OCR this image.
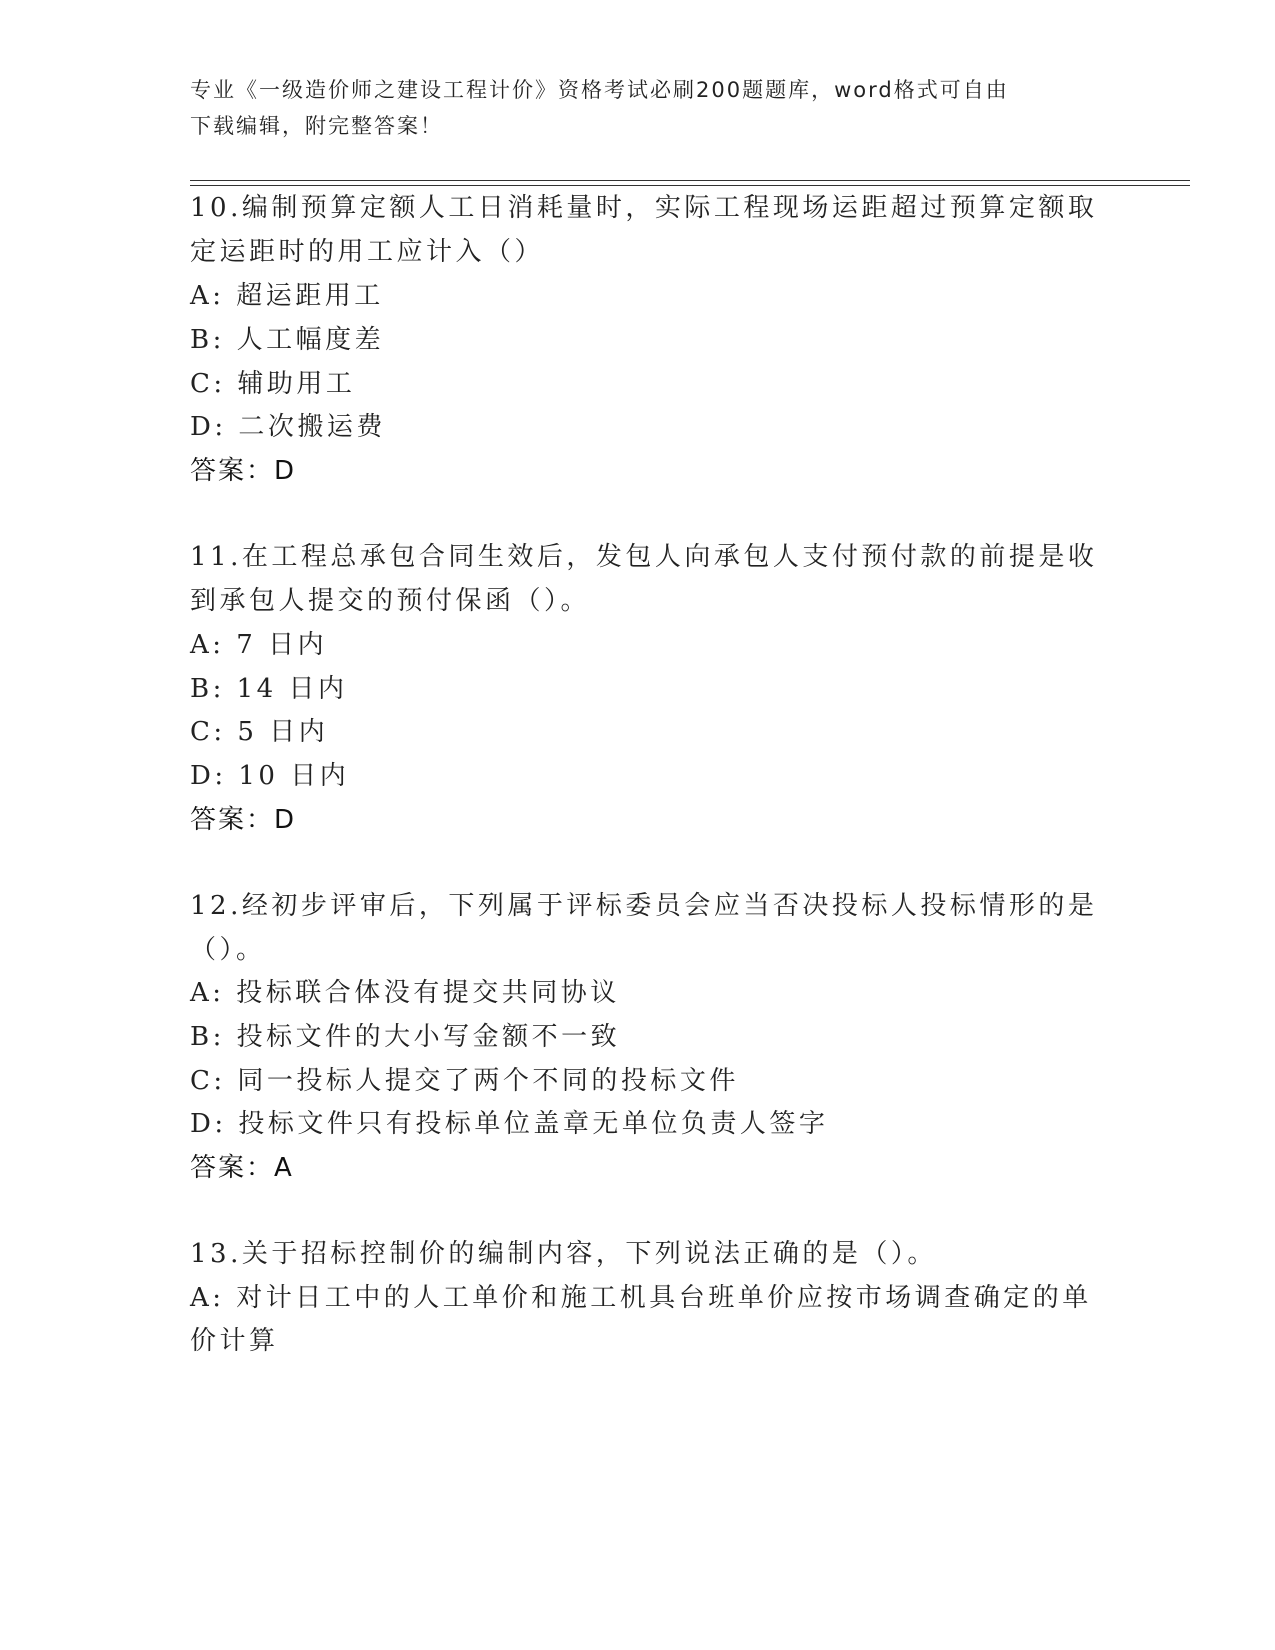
专业《一级造价师之建设工程计价》资格考试必刷200题题库，word格式可自由
下载编辑，附完整答案！
10.编制预算定额人工日消耗量时，实际工程现场运距超过预算定额取
定运距时的用工应计入（）
A: 超运距用工
B: 人工幅度差
C: 辅助用工
D: 二次搬运费
答案：D
11.在工程总承包合同生效后，发包人向承包人支付预付款的前提是收
到承包人提交的预付保函（）。
A: 7 日内
B: 14 日内
C: 5 日内
D: 10 日内
答案：D
12.经初步评审后，下列属于评标委员会应当否决投标人投标情形的是
（）。
A: 投标联合体没有提交共同协议
B: 投标文件的大小写金额不一致
C: 同一投标人提交了两个不同的投标文件
D: 投标文件只有投标单位盖章无单位负责人签字
答案：A
13.关于招标控制价的编制内容，下列说法正确的是（）。
A: 对计日工中的人工单价和施工机具台班单价应按市场调查确定的单
价计算
